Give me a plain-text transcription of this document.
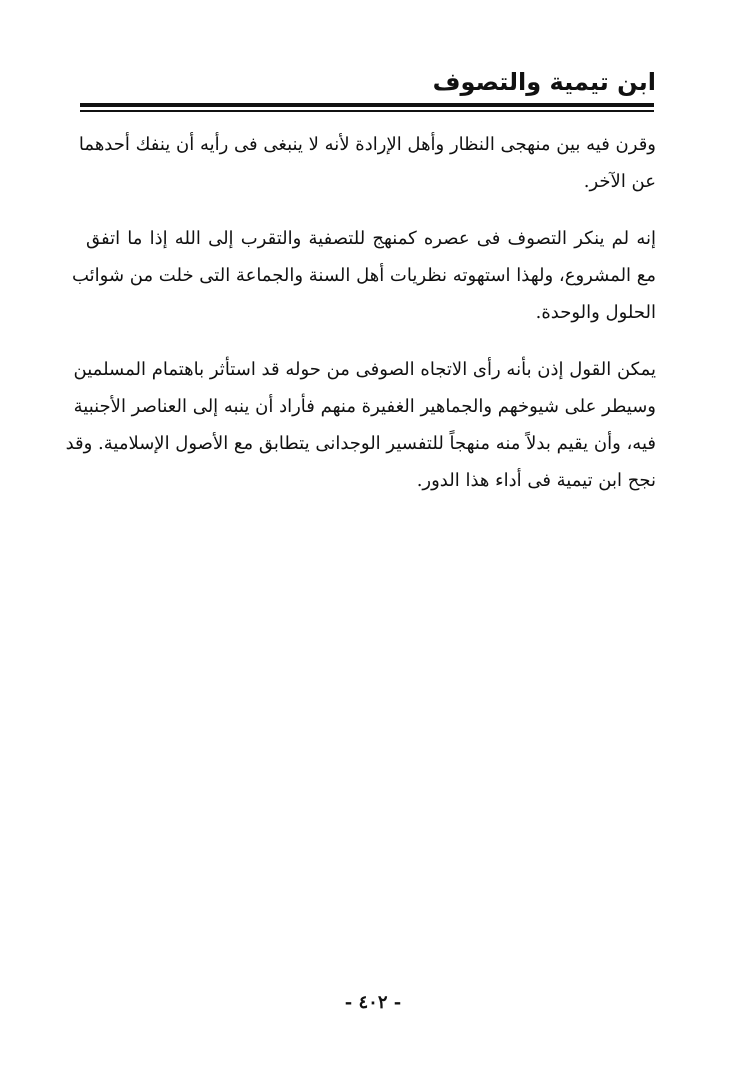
ابن تيمية والتصوف

وقرن فيه بين منهجى النظار وأهل الإرادة لأنه لا ينبغى فى رأيه أن ينفك أحدهما
عن الآخر.

إنه لم ينكر التصوف فى عصره كمنهج للتصفية والتقرب إلى الله إذا ما اتفق
مع المشروع، ولهذا استهوته نظريات أهل السنة والجماعة التى خلت من شوائب
الحلول والوحدة.

يمكن القول إذن بأنه رأى الاتجاه الصوفى من حوله قد استأثر باهتمام المسلمين
وسيطر على شيوخهم والجماهير الغفيرة منهم فأراد أن ينبه إلى العناصر الأجنبية
فيه، وأن يقيم بدلاً منه منهجاً للتفسير الوجدانى يتطابق مع الأصول الإسلامية. وقد
نجح ابن تيمية فى أداء هذا الدور.

- ٤٠٢ -
